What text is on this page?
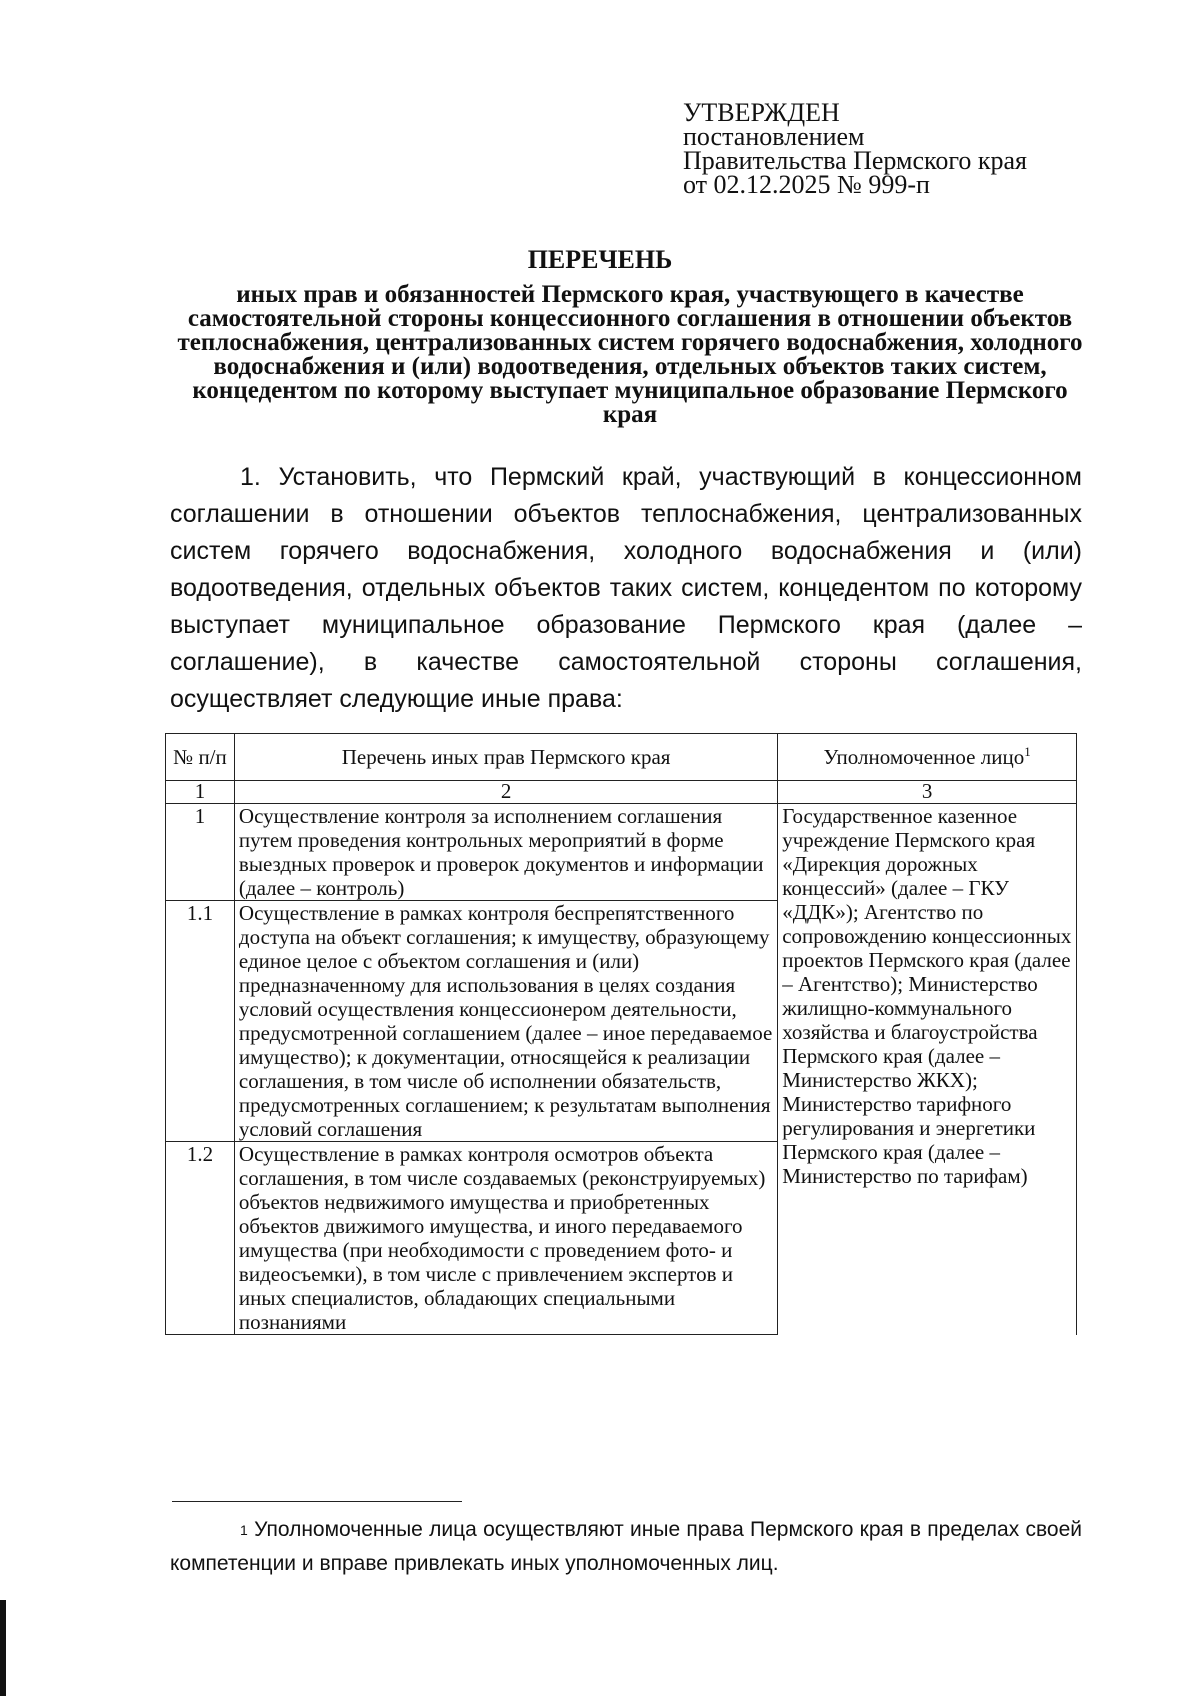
УТВЕРЖДЕН
постановлением
Правительства Пермского края
от 02.12.2025 № 999-п
ПЕРЕЧЕНЬ
иных прав и обязанностей Пермского края, участвующего в качестве самостоятельной стороны концессионного соглашения в отношении объектов теплоснабжения, централизованных систем горячего водоснабжения, холодного водоснабжения и (или) водоотведения, отдельных объектов таких систем, концедентом по которому выступает муниципальное образование Пермского края
1. Установить, что Пермский край, участвующий в концессионном соглашении в отношении объектов теплоснабжения, централизованных систем горячего водоснабжения, холодного водоснабжения и (или) водоотведения, отдельных объектов таких систем, концедентом по которому выступает муниципальное образование Пермского края (далее – соглашение), в качестве самостоятельной стороны соглашения, осуществляет следующие иные права:
№ п/п	Перечень иных прав Пермского края	Уполномоченное лицо$^1$
1	2	3
1	Осуществление контроля за исполнением соглашения путем проведения контрольных мероприятий в форме выездных проверок и проверок документов и информации (далее – контроль)	Государственное казенное учреждение Пермского края «Дирекция дорожных концессий» (далее – ГКУ «ДДК»); Агентство по сопровождению концессионных проектов Пермского края (далее – Агентство); Министерство жилищно-коммунального хозяйства и благоустройства Пермского края (далее – Министерство ЖКХ); Министерство тарифного регулирования и энергетики Пермского края (далее – Министерство по тарифам)
1.1	Осуществление в рамках контроля беспрепятственного доступа на объект соглашения; к имуществу, образующему единое целое с объектом соглашения и (или) предназначенному для использования в целях создания условий осуществления концессионером деятельности, предусмотренной соглашением (далее – иное передаваемое имущество); к документации, относящейся к реализации соглашения, в том числе об исполнении обязательств, предусмотренных соглашением; к результатам выполнения условий соглашения	
1.2	Осуществление в рамках контроля осмотров объекта соглашения, в том числе создаваемых (реконструируемых) объектов недвижимого имущества и приобретенных объектов движимого имущества, и иного передаваемого имущества (при необходимости с проведением фото- и видеосъемки), в том числе с привлечением экспертов и иных специалистов, обладающих специальными познаниями	
$^1$ Уполномоченные лица осуществляют иные права Пермского края в пределах своей компетенции и вправе привлекать иных уполномоченных лиц.
